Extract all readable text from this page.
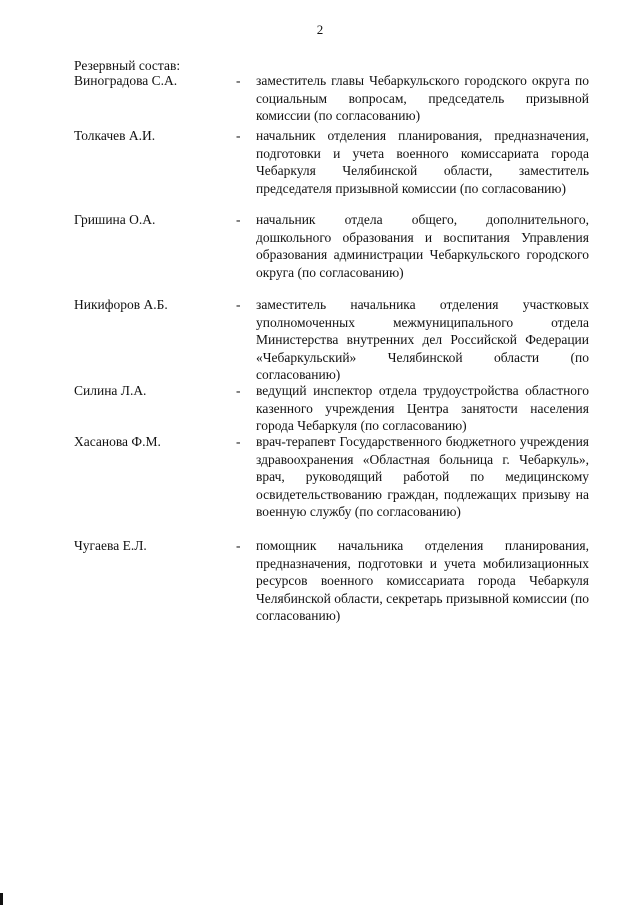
2
Резервный состав:
Виноградова С.А.	-	заместитель главы Чебаркульского городского округа по социальным вопросам, председатель призывной комиссии (по согласованию)
Толкачев А.И.	-	начальник отделения планирования, предназначения, подготовки и учета военного комиссариата города Чебаркуля Челябинской области, заместитель председателя призывной комиссии (по согласованию)
Гришина О.А.	-	начальник отдела общего, дополнительного, дошкольного образования и воспитания Управления образования администрации Чебаркульского городского округа (по согласованию)
Никифоров А.Б.	-	заместитель начальника отделения участковых уполномоченных межмуниципального отдела Министерства внутренних дел Российской Федерации «Чебаркульский» Челябинской области (по согласованию)
Силина Л.А.	-	ведущий инспектор отдела трудоустройства областного казенного учреждения Центра занятости населения города Чебаркуля (по согласованию)
Хасанова Ф.М.	-	врач-терапевт Государственного бюджетного учреждения здравоохранения «Областная больница г. Чебаркуль», врач, руководящий работой по медицинскому освидетельствованию граждан, подлежащих призыву на военную службу (по согласованию)
Чугаева Е.Л.	-	помощник начальника отделения планирования, предназначения, подготовки и учета мобилизационных ресурсов военного комиссариата города Чебаркуля Челябинской области, секретарь призывной комиссии (по согласованию)
